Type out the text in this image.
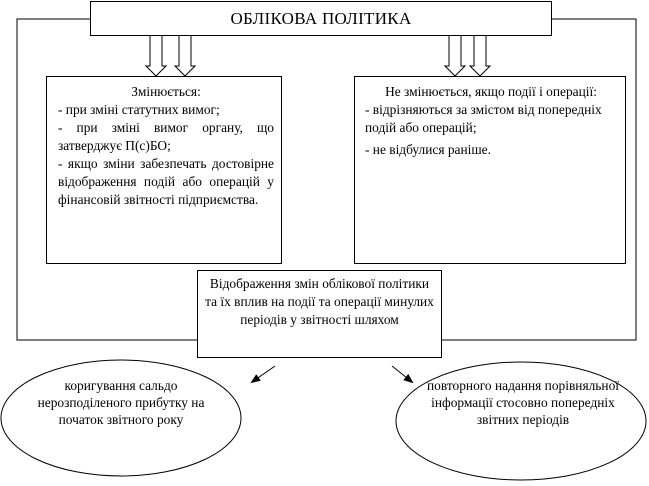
ОБЛІКОВА ПОЛІТИКА
Змінюється:
- при зміні статутних вимог;
- при зміні вимог органу, що затверджує П(с)БО;
- якщо зміни забезпечать достовірне відображення подій або операцій у фінансовій звітності підприємства.
Не змінюється, якщо події і операції:
- відрізняються за змістом від попередніх подій або операцій;
- не відбулися раніше.
Відображення змін облікової політики та їх вплив на події та операції минулих періодів у звітності шляхом
коригування сальдо нерозподіленого прибутку на початок звітного року
повторного надання порівняльної інформації стосовно попередніх звітних періодів
